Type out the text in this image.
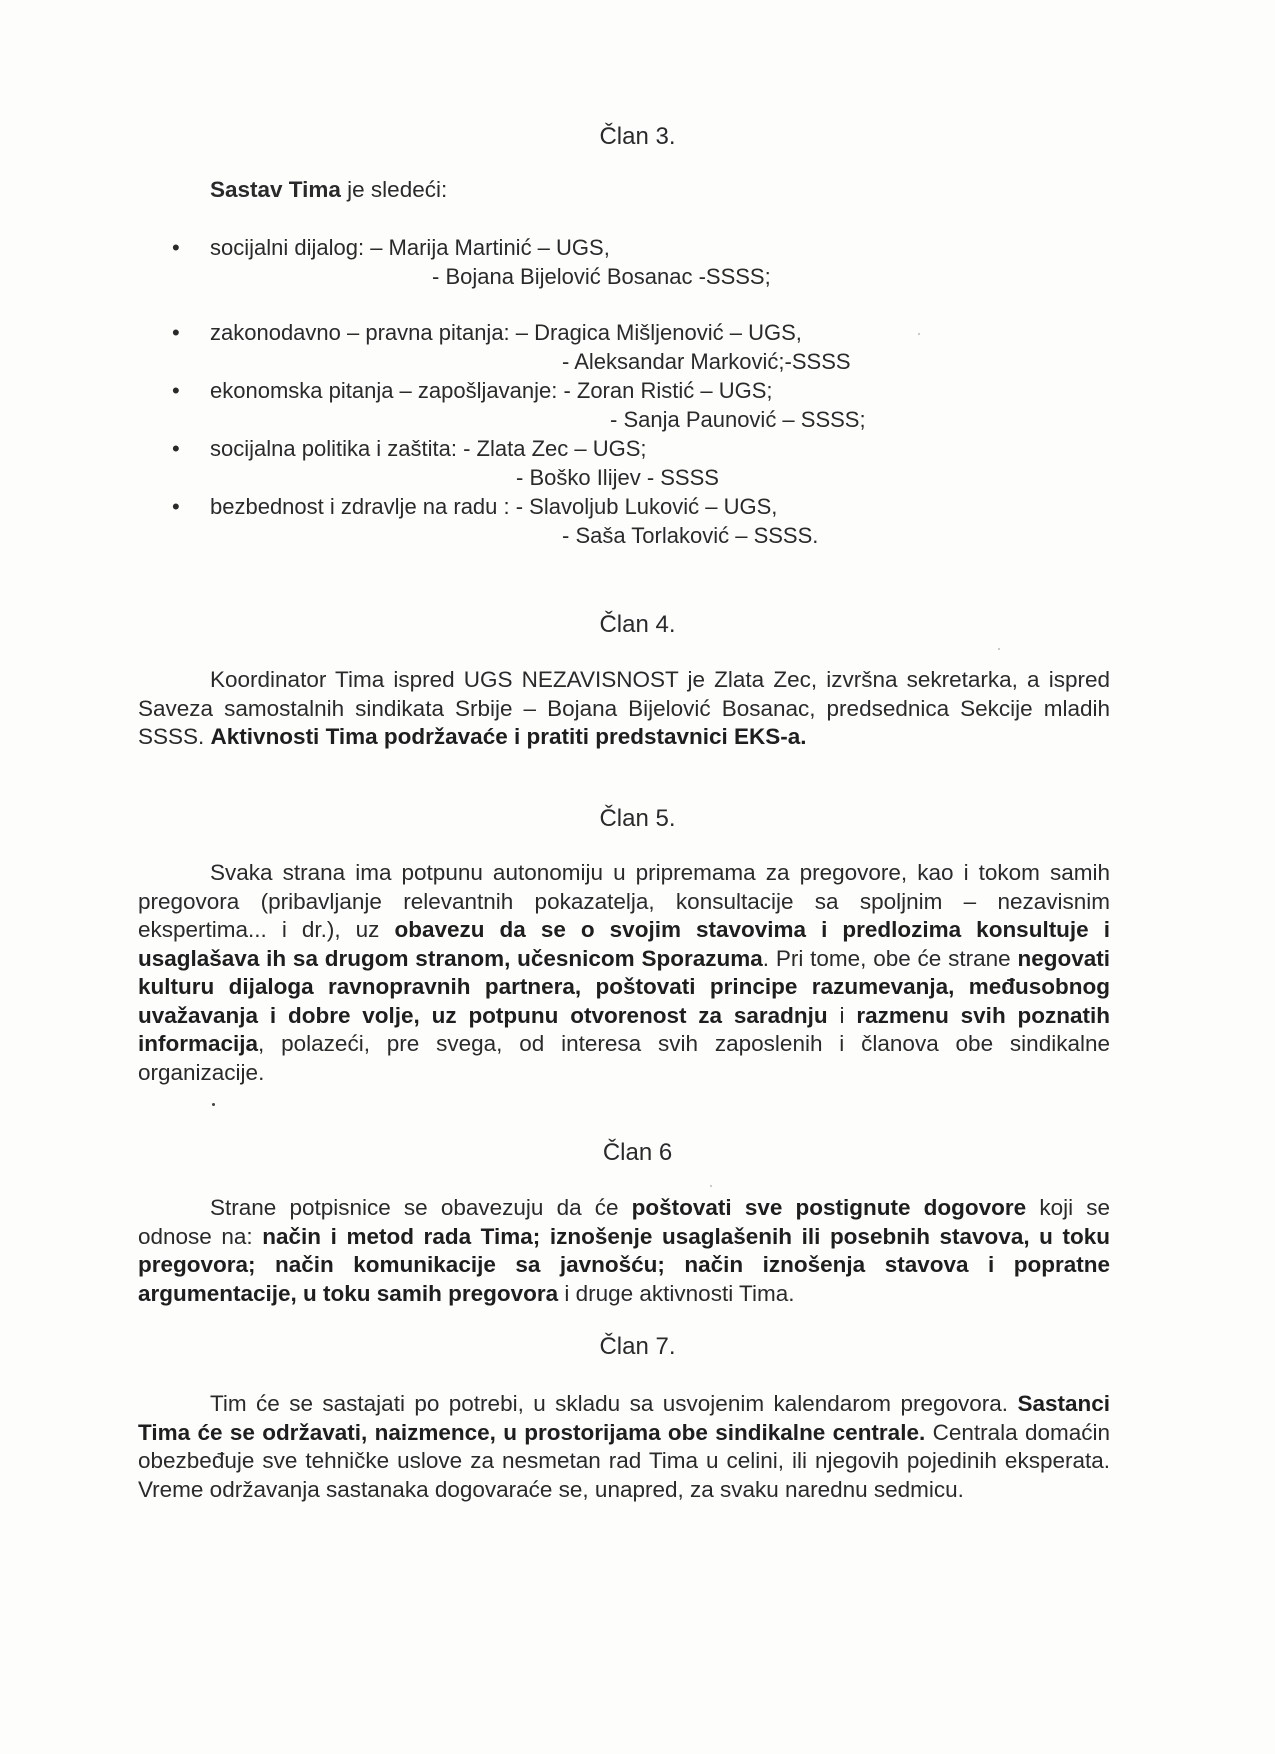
Član 3.

Sastav Tima je sledeći:

• socijalni dijalog: – Marija Martinić – UGS,
- Bojana Bijelović Bosanac -SSSS;
• zakonodavno – pravna pitanja: – Dragica Mišljenović – UGS,
- Aleksandar Marković;-SSSS
• ekonomska pitanja – zapošljavanje: - Zoran Ristić – UGS;
- Sanja Paunović – SSSS;
• socijalna politika i zaštita: - Zlata Zec – UGS;
- Boško Ilijev - SSSS
• bezbednost i zdravlje na radu : - Slavoljub Luković – UGS,
- Saša Torlaković – SSSS.
Član 4.

Koordinator Tima ispred UGS NEZAVISNOST je Zlata Zec, izvršna sekretarka, a ispred Saveza samostalnih sindikata Srbije – Bojana Bijelović Bosanac, predsednica Sekcije mladih SSSS. Aktivnosti Tima podržavaće i pratiti predstavnici EKS-a.

Član 5.

Svaka strana ima potpunu autonomiju u pripremama za pregovore, kao i tokom samih pregovora (pribavljanje relevantnih pokazatelja, konsultacije sa spoljnim – nezavisnim ekspertima... i dr.), uz obavezu da se o svojim stavovima i predlozima konsultuje i usaglašava ih sa drugom stranom, učesnicom Sporazuma. Pri tome, obe će strane negovati kulturu dijaloga ravnopravnih partnera, poštovati principe razumevanja, međusobnog uvažavanja i dobre volje, uz potpunu otvorenost za saradnju i razmenu svih poznatih informacija, polazeći, pre svega, od interesa svih zaposlenih i članova obe sindikalne organizacije.

Član 6

Strane potpisnice se obavezuju da će poštovati sve postignute dogovore koji se odnose na: način i metod rada Tima; iznošenje usaglašenih ili posebnih stavova, u toku pregovora; način komunikacije sa javnošću; način iznošenja stavova i popratne argumentacije, u toku samih pregovora i druge aktivnosti Tima.

Član 7.

Tim će se sastajati po potrebi, u skladu sa usvojenim kalendarom pregovora. Sastanci Tima će se održavati, naizmence, u prostorijama obe sindikalne centrale. Centrala domaćin obezbeđuje sve tehničke uslove za nesmetan rad Tima u celini, ili njegovih pojedinih eksperata. Vreme održavanja sastanaka dogovaraće se, unapred, za svaku narednu sedmicu.
